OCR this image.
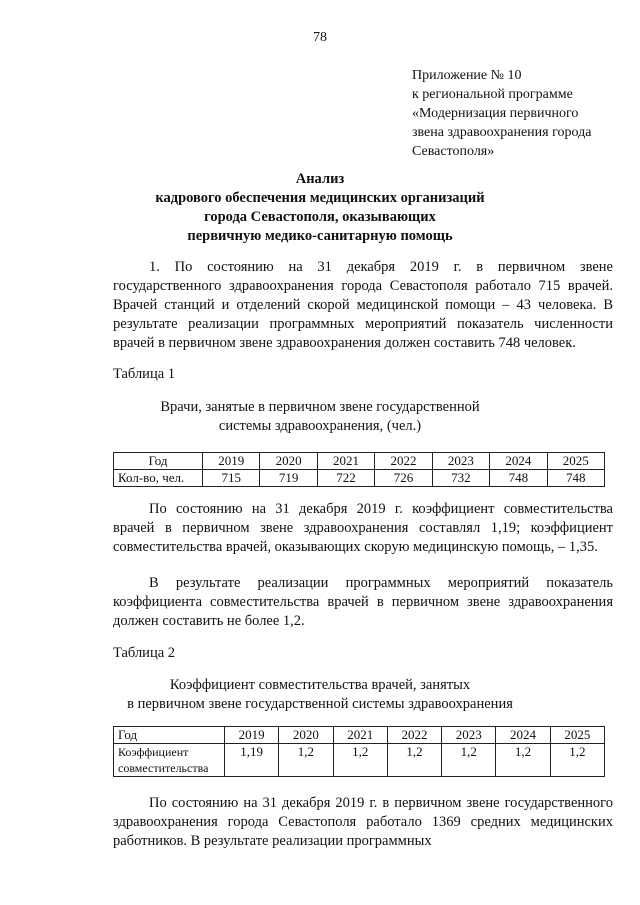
78
Приложение № 10
к региональной программе
«Модернизация первичного
звена здравоохранения города
Севастополя»
Анализ
кадрового обеспечения медицинских организаций
города Севастополя, оказывающих
первичную медико-санитарную помощь
1. По состоянию на 31 декабря 2019 г. в первичном звене государственного здравоохранения города Севастополя работало 715 врачей. Врачей станций и отделений скорой медицинской помощи – 43 человека. В результате реализации программных мероприятий показатель численности врачей в первичном звене здравоохранения должен составить 748 человек.
Таблица 1
Врачи, занятые в первичном звене государственной
системы здравоохранения, (чел.)
Год	2019	2020	2021	2022	2023	2024	2025
Кол-во, чел.	715	719	722	726	732	748	748
По состоянию на 31 декабря 2019 г. коэффициент совместительства врачей в первичном звене здравоохранения составлял 1,19; коэффициент совместительства врачей, оказывающих скорую медицинскую помощь, – 1,35.
В результате реализации программных мероприятий показатель коэффициента совместительства врачей в первичном звене здравоохранения должен составить не более 1,2.
Таблица 2
Коэффициент совместительства врачей, занятых
в первичном звене государственной системы здравоохранения
Год	2019	2020	2021	2022	2023	2024	2025

Коэффициент
совместительства	1,19	1,2	1,2	1,2	1,2	1,2	1,2
По состоянию на 31 декабря 2019 г. в первичном звене государственного здравоохранения города Севастополя работало 1369 средних медицинских работников. В результате реализации программных
